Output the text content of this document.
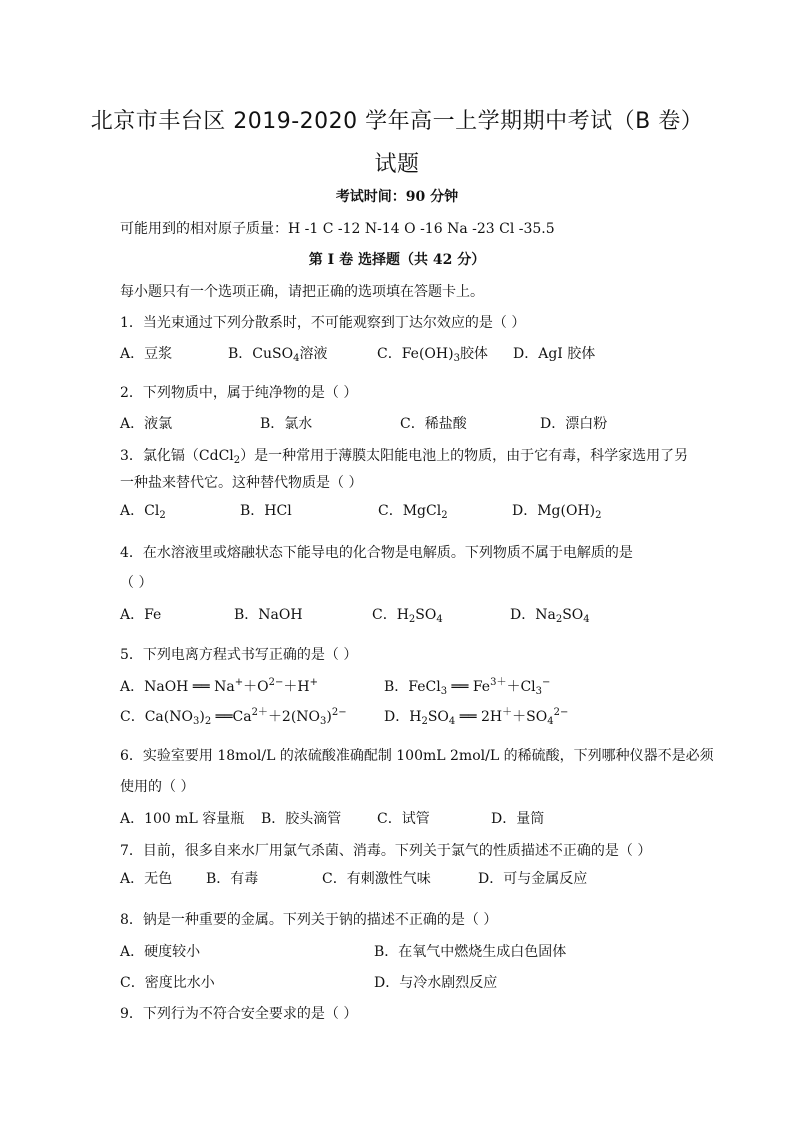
北京市丰台区 2019-2020 学年高一上学期期中考试（B 卷）
试题
考试时间：90 分钟
可能用到的相对原子质量：H -1 C -12 N-14 O -16 Na -23 Cl -35.5
第 I 卷 选择题（共 42 分）
每小题只有一个选项正确，请把正确的选项填在答题卡上。
1．当光束通过下列分散系时，不可能观察到丁达尔效应的是（ ）
A．豆浆	B．CuSO$_4$溶液	C．$Fe(OH)_3$胶体 D．AgI 胶体
2．下列物质中，属于纯净物的是（ ）
A．液氯	B．氯水	C．稀盐酸	D．漂白粉
3．氯化镉（CdCl$_2$）是一种常用于薄膜太阳能电池上的物质，由于它有毒，科学家选用了另
一种盐来替代它。这种替代物质是（ ）
A．$Cl_2$	B．HCl	C．MgCl$_2$	D．$Mg(OH)_2$
4．在水溶液里或熔融状态下能导电的化合物是电解质。下列物质不属于电解质的是
（ ）
A．Fe	B．NaOH	C．$H_2SO_4$	D．$Na_2SO_4$
5．下列电离方程式书写正确的是（ ）
A．NaOH ══ $Na^++O^{2-}+H^+$	B．FeCl$_3$ ══ $Fe^{3+}+Cl_3^-$
C．$Ca(NO_3)_2$ $══Ca^{2+}+2(NO_3)^{2-}$	D．$H_2SO_4$ ══ $2H^++SO_4^{2-}$
6．实验室要用 18mol/L 的浓硫酸准确配制 100mL 2mol/L 的稀硫酸，下列哪种仪器不是必须
使用的（ ）
A．100 mL 容量瓶 B．胶头滴管	C．试管	D．量筒
7．目前，很多自来水厂用氯气杀菌、消毒。下列关于氯气的性质描述不正确的是（ ）
A．无色 B．有毒	C．有刺激性气味	D．可与金属反应
8．钠是一种重要的金属。下列关于钠的描述不正确的是（ ）
A．硬度较小	B．在氧气中燃烧生成白色固体
C．密度比水小	D．与冷水剧烈反应
9．下列行为不符合安全要求的是（ ）
